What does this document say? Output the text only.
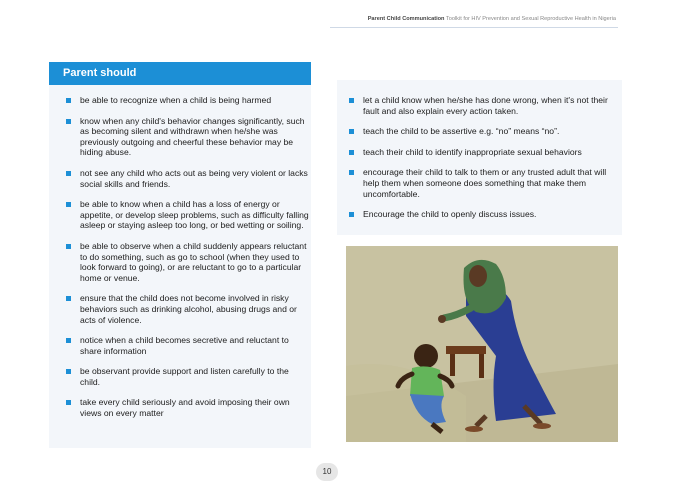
Parent Child Communication Toolkit for HIV Prevention and Sexual Reproductive Health in Nigeria
Parent should
be able to recognize when a child is being harmed
know when any child's behavior changes significantly, such as becoming silent and withdrawn when he/she was previously outgoing and cheerful these behavior may be hiding abuse.
not see any child who acts out as being very violent or lacks social skills and friends.
be able to know when a child has a loss of energy or appetite, or develop sleep problems, such as difficulty falling asleep or staying asleep too long, or bed wetting or soiling.
be able to observe when a child suddenly appears reluctant to do something, such as go to school (when they used to look forward to going), or are reluctant to go to a particular home or venue.
ensure that the child does not become involved in risky behaviors such as drinking alcohol, abusing drugs and or acts of violence.
notice when a child becomes secretive and reluctant to share information
be observant provide support and listen carefully to the child.
take every child seriously and avoid imposing their own views on every matter
let a child know when he/she has done wrong, when it's not their fault and also explain every action taken.
teach the child to be assertive e.g. “no” means “no”.
teach their child to identify inappropriate sexual behaviors
encourage their child to talk to them or any trusted adult that will help them when someone does something that make them uncomfortable.
Encourage the child to openly discuss issues.
10
